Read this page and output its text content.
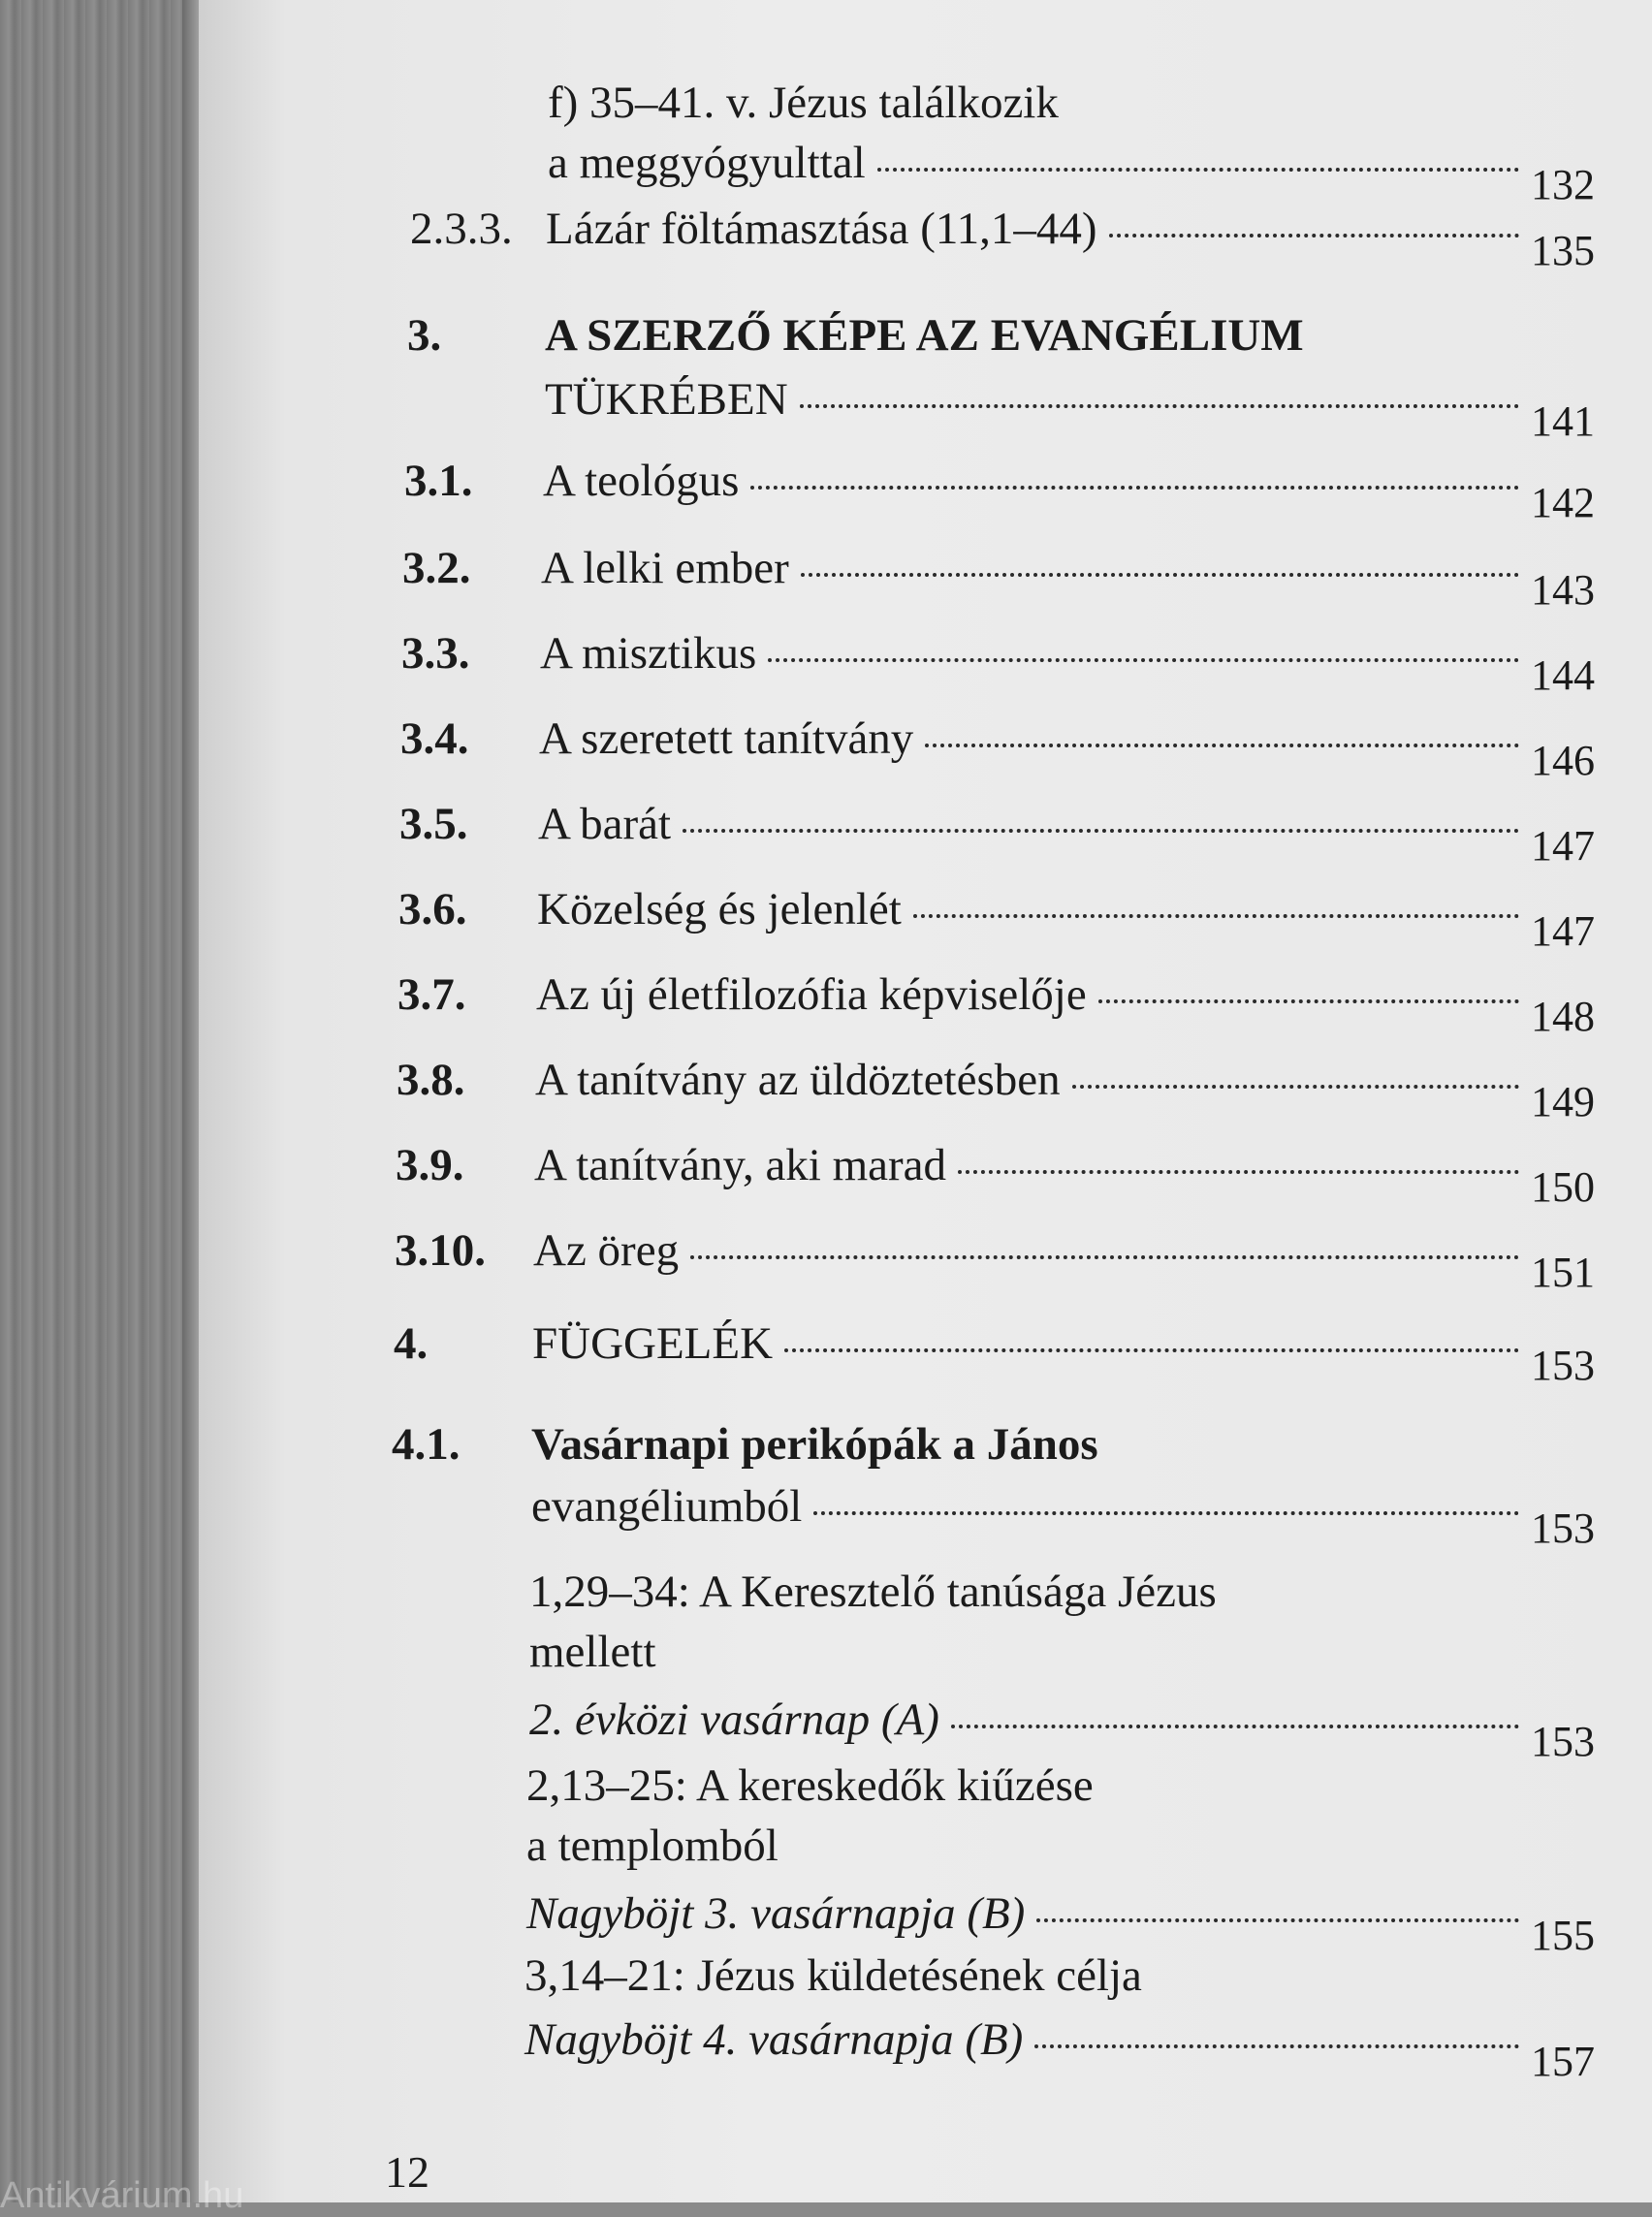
f) 35–41. v. Jézus találkozik
a meggyógyulttal	132
2.3.3. Lázár föltámasztása (11,1–44)	135
3. A SZERZŐ KÉPE AZ EVANGÉLIUM
TÜKRÉBEN	141
3.1. A teológus	142
3.2. A lelki ember	143
3.3. A misztikus	144
3.4. A szeretett tanítvány	146
3.5. A barát	147
3.6. Közelség és jelenlét	147
3.7. Az új életfilozófia képviselője	148
3.8. A tanítvány az üldöztetésben	149
3.9. A tanítvány, aki marad	150
3.10. Az öreg	151
4. FÜGGELÉK	153
4.1. Vasárnapi perikópák a János
evangéliumból	153
1,29–34: A Keresztelő tanúsága Jézus
mellett
2. évközi vasárnap (A)	153
2,13–25: A kereskedők kiűzése
a templomból
Nagyböjt 3. vasárnapja (B)	155
3,14–21: Jézus küldetésének célja
Nagyböjt 4. vasárnapja (B)	157
12
Antikvárium.hu
